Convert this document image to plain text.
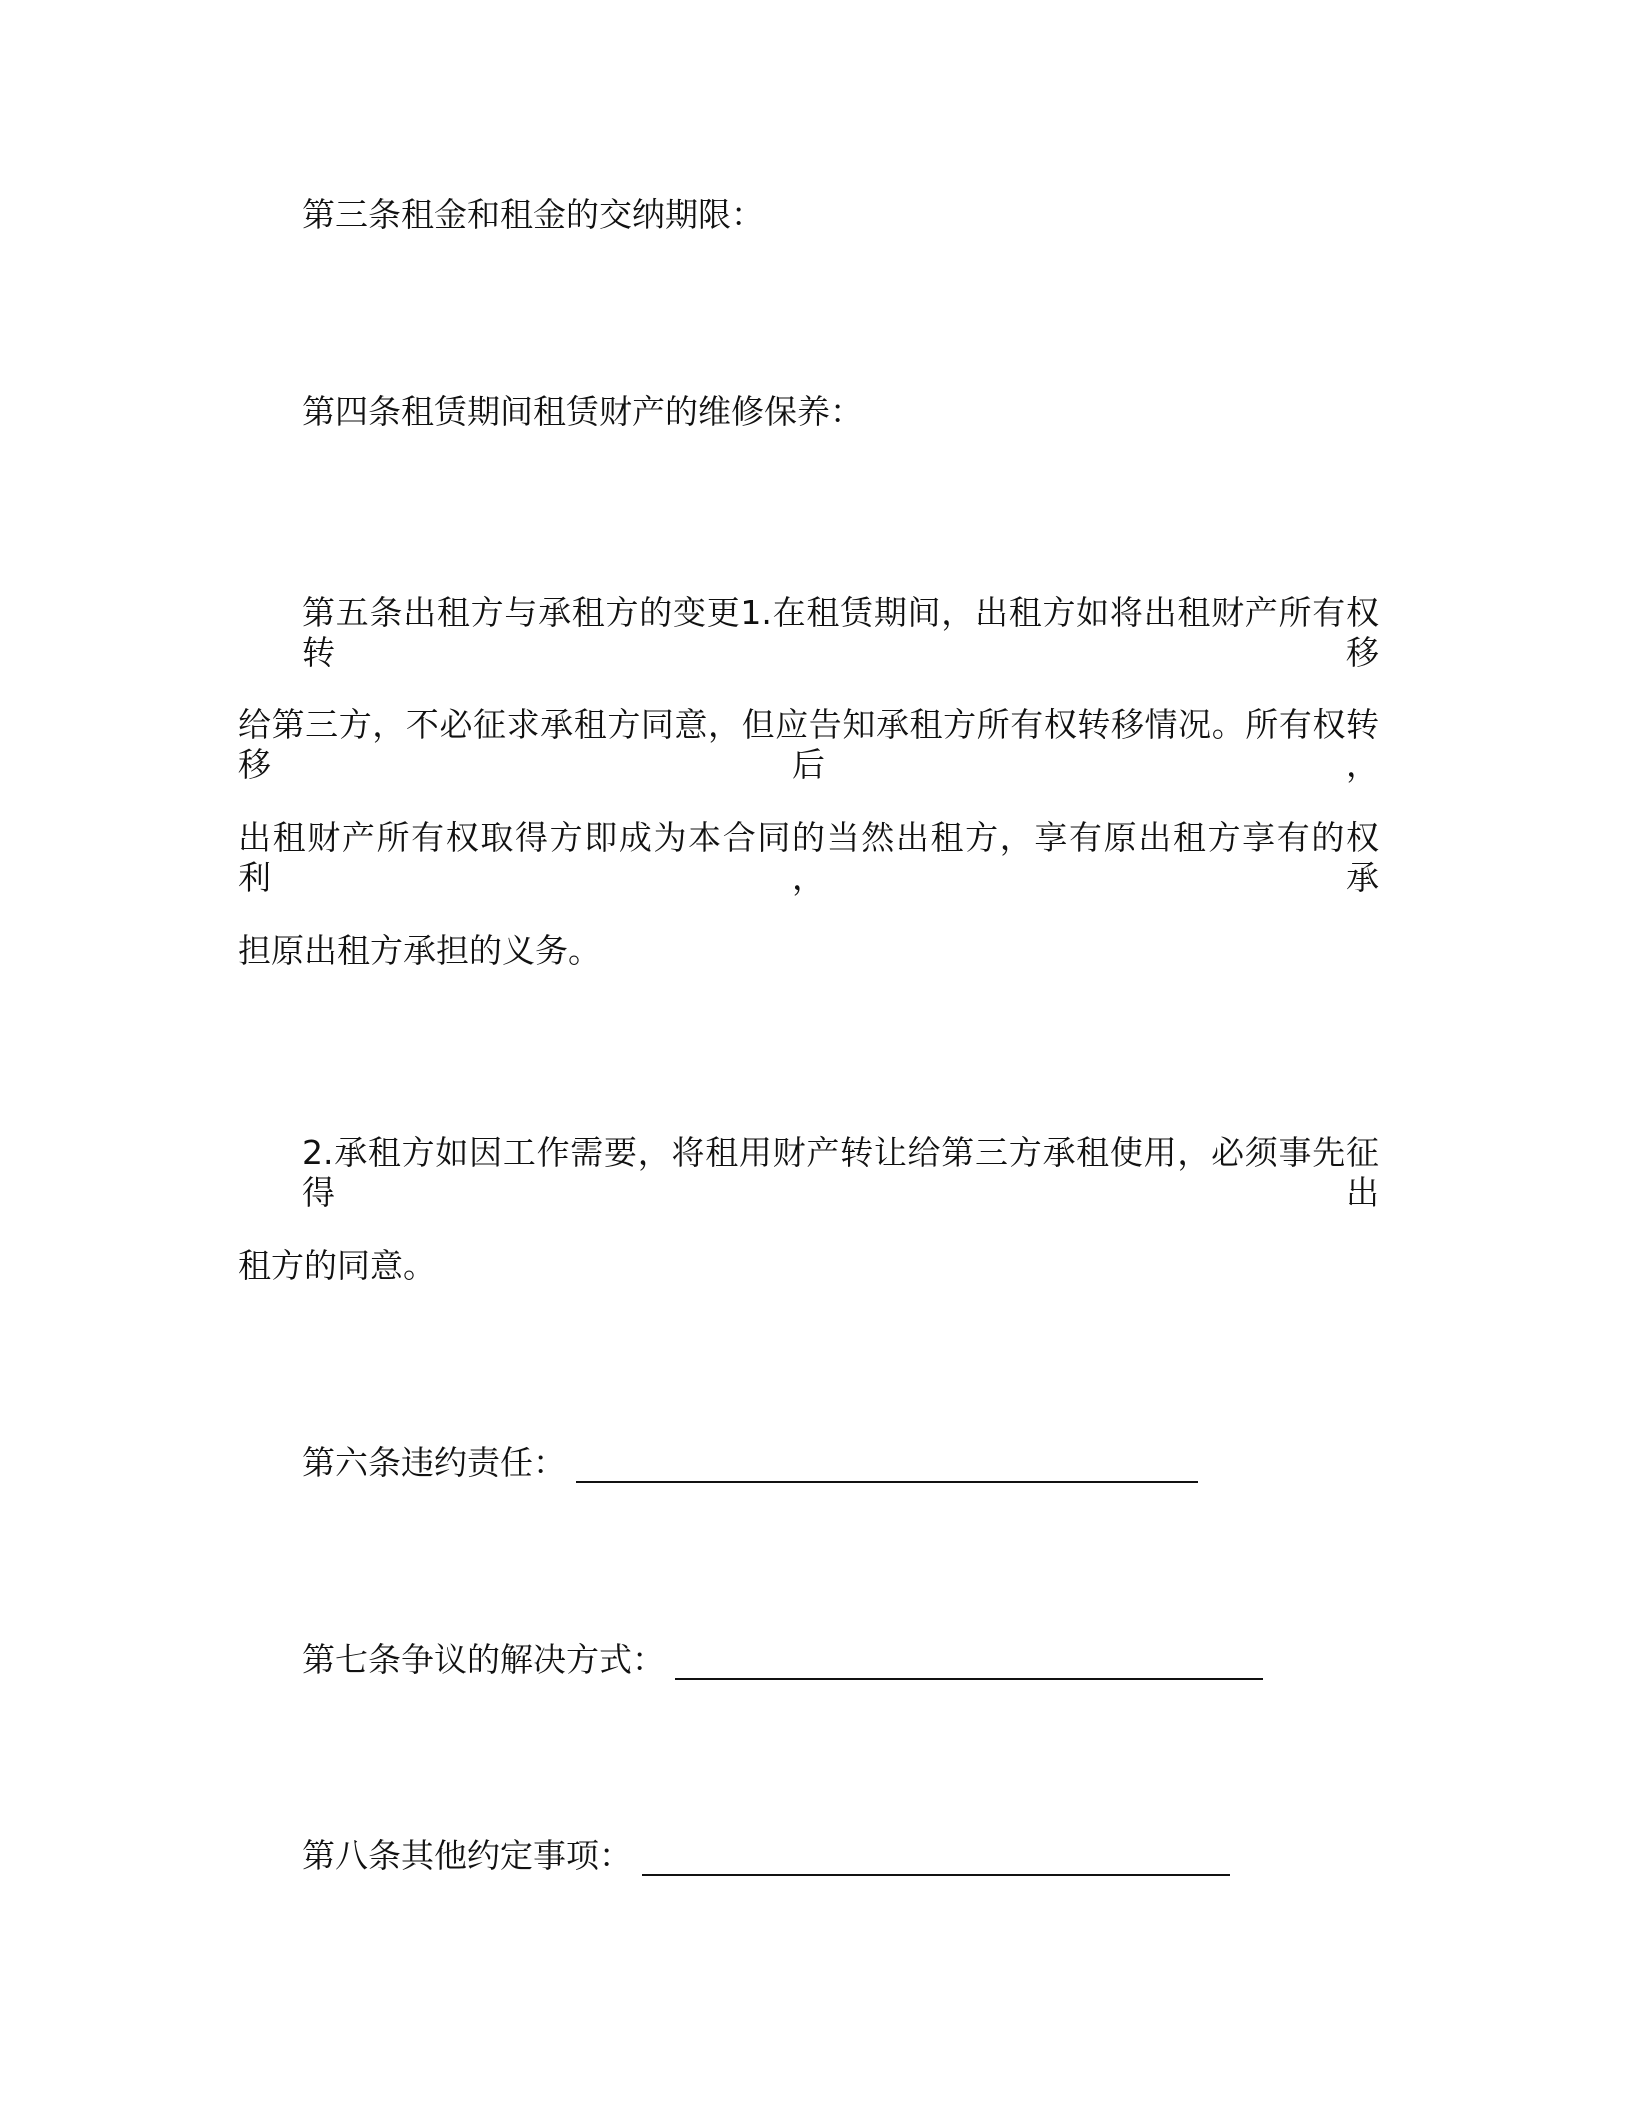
第三条租金和租金的交纳期限：
第四条租赁期间租赁财产的维修保养：
第五条出租方与承租方的变更1.在租赁期间，出租方如将出租财产所有权转移
给第三方，不必征求承租方同意，但应告知承租方所有权转移情况。所有权转移后，
出租财产所有权取得方即成为本合同的当然出租方，享有原出租方享有的权利，承
担原出租方承担的义务。
2.承租方如因工作需要，将租用财产转让给第三方承租使用，必须事先征得出
租方的同意。
第六条违约责任：
第七条争议的解决方式：
第八条其他约定事项：
